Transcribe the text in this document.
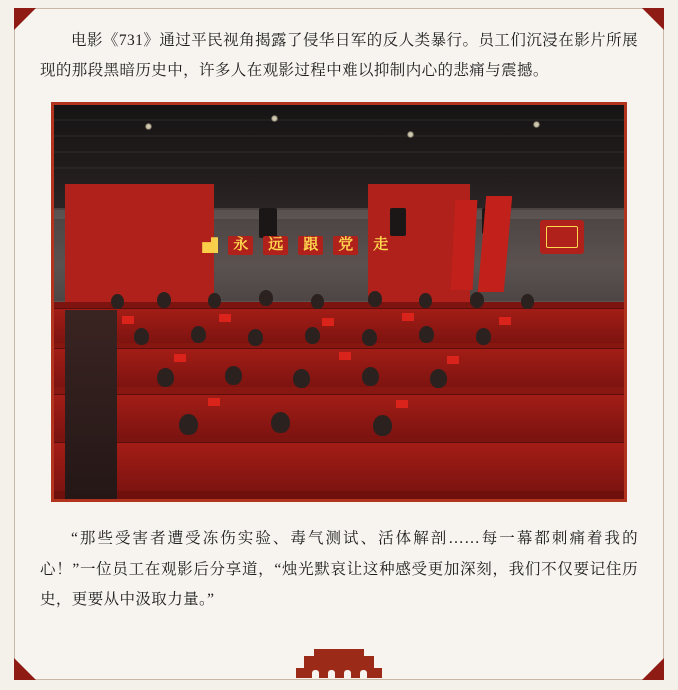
电影《731》通过平民视角揭露了侵华日军的反人类暴行。员工们沉浸在影片所展现的那段黑暗历史中，许多人在观影过程中难以抑制内心的悲痛与震撼。

永	远	跟	党	走

“那些受害者遭受冻伤实验、毒气测试、活体解剖……每一幕都刺痛着我的心！”一位员工在观影后分享道，“烛光默哀让这种感受更加深刻，我们不仅要记住历史，更要从中汲取力量。”
